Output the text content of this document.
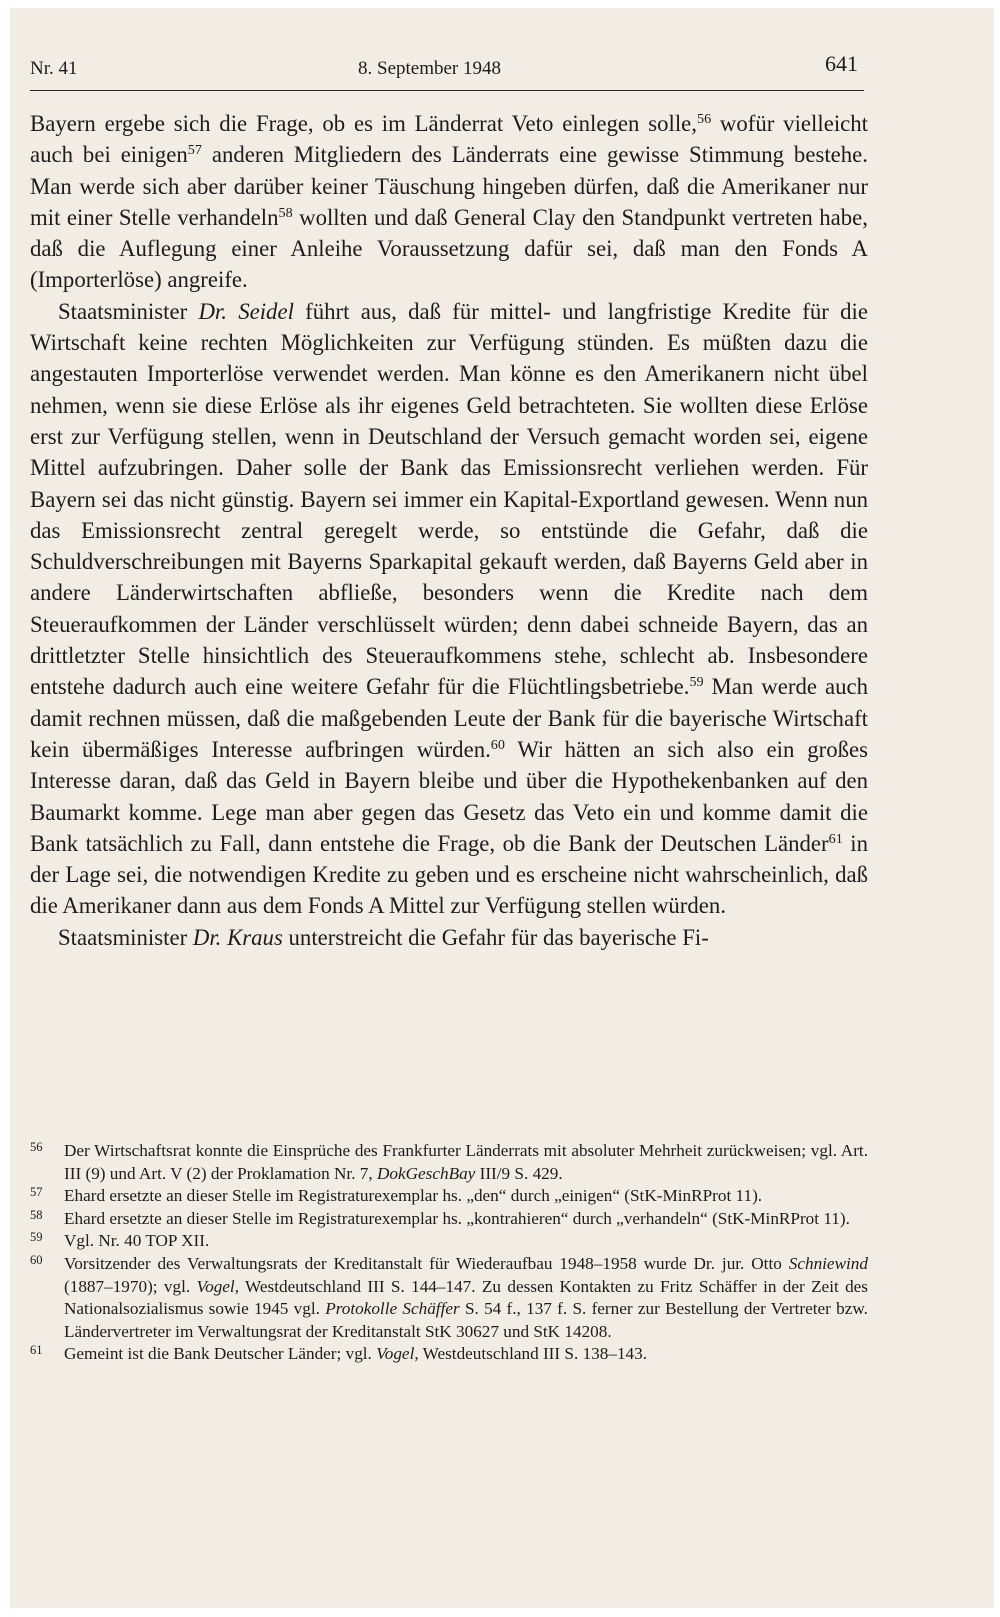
Nr. 41	8. September 1948	641

Bayern ergebe sich die Frage, ob es im Länderrat Veto einlegen solle,$^{56}$ wofür vielleicht auch bei einigen$^{57}$ anderen Mitgliedern des Länderrats eine gewisse Stimmung bestehe. Man werde sich aber darüber keiner Täuschung hingeben dürfen, daß die Amerikaner nur mit einer Stelle verhandeln$^{58}$ wollten und daß General Clay den Standpunkt vertreten habe, daß die Auflegung einer Anleihe Voraussetzung dafür sei, daß man den Fonds A (Importerlöse) angreife.

Staatsminister Dr. Seidel führt aus, daß für mittel- und langfristige Kredite für die Wirtschaft keine rechten Möglichkeiten zur Verfügung stünden. Es müßten dazu die angestauten Importerlöse verwendet werden. Man könne es den Amerikanern nicht übel nehmen, wenn sie diese Erlöse als ihr eigenes Geld betrachteten. Sie wollten diese Erlöse erst zur Verfügung stellen, wenn in Deutschland der Versuch gemacht worden sei, eigene Mittel aufzubringen. Daher solle der Bank das Emissionsrecht verliehen werden. Für Bayern sei das nicht günstig. Bayern sei immer ein Kapital-Exportland gewesen. Wenn nun das Emissionsrecht zentral geregelt werde, so entstünde die Gefahr, daß die Schuldverschreibungen mit Bayerns Sparkapital gekauft werden, daß Bayerns Geld aber in andere Länderwirtschaften abfließe, besonders wenn die Kredite nach dem Steueraufkommen der Länder verschlüsselt würden; denn dabei schneide Bayern, das an drittletzter Stelle hinsichtlich des Steueraufkommens stehe, schlecht ab. Insbesondere entstehe dadurch auch eine weitere Gefahr für die Flüchtlingsbetriebe.$^{59}$ Man werde auch damit rechnen müssen, daß die maßgebenden Leute der Bank für die bayerische Wirtschaft kein übermäßiges Interesse aufbringen würden.$^{60}$ Wir hätten an sich also ein großes Interesse daran, daß das Geld in Bayern bleibe und über die Hypothekenbanken auf den Baumarkt komme. Lege man aber gegen das Gesetz das Veto ein und komme damit die Bank tatsächlich zu Fall, dann entstehe die Frage, ob die Bank der Deutschen Länder$^{61}$ in der Lage sei, die notwendigen Kredite zu geben und es erscheine nicht wahrscheinlich, daß die Amerikaner dann aus dem Fonds A Mittel zur Verfügung stellen würden.

Staatsminister Dr. Kraus unterstreicht die Gefahr für das bayerische Fi-

56 Der Wirtschaftsrat konnte die Einsprüche des Frankfurter Länderrats mit absoluter Mehrheit zurückweisen; vgl. Art. III (9) und Art. V (2) der Proklamation Nr. 7, DokGeschBay III/9 S. 429.
57 Ehard ersetzte an dieser Stelle im Registraturexemplar hs. „den“ durch „einigen“ (StK-MinRProt 11).
58 Ehard ersetzte an dieser Stelle im Registraturexemplar hs. „kontrahieren“ durch „verhandeln“ (StK-MinRProt 11).
59 Vgl. Nr. 40 TOP XII.
60 Vorsitzender des Verwaltungsrats der Kreditanstalt für Wiederaufbau 1948–1958 wurde Dr. jur. Otto Schniewind (1887–1970); vgl. Vogel, Westdeutschland III S. 144–147. Zu dessen Kontakten zu Fritz Schäffer in der Zeit des Nationalsozialismus sowie 1945 vgl. Protokolle Schäffer S. 54 f., 137 f. S. ferner zur Bestellung der Vertreter bzw. Ländervertreter im Verwaltungsrat der Kreditanstalt StK 30627 und StK 14208.
61 Gemeint ist die Bank Deutscher Länder; vgl. Vogel, Westdeutschland III S. 138–143.
